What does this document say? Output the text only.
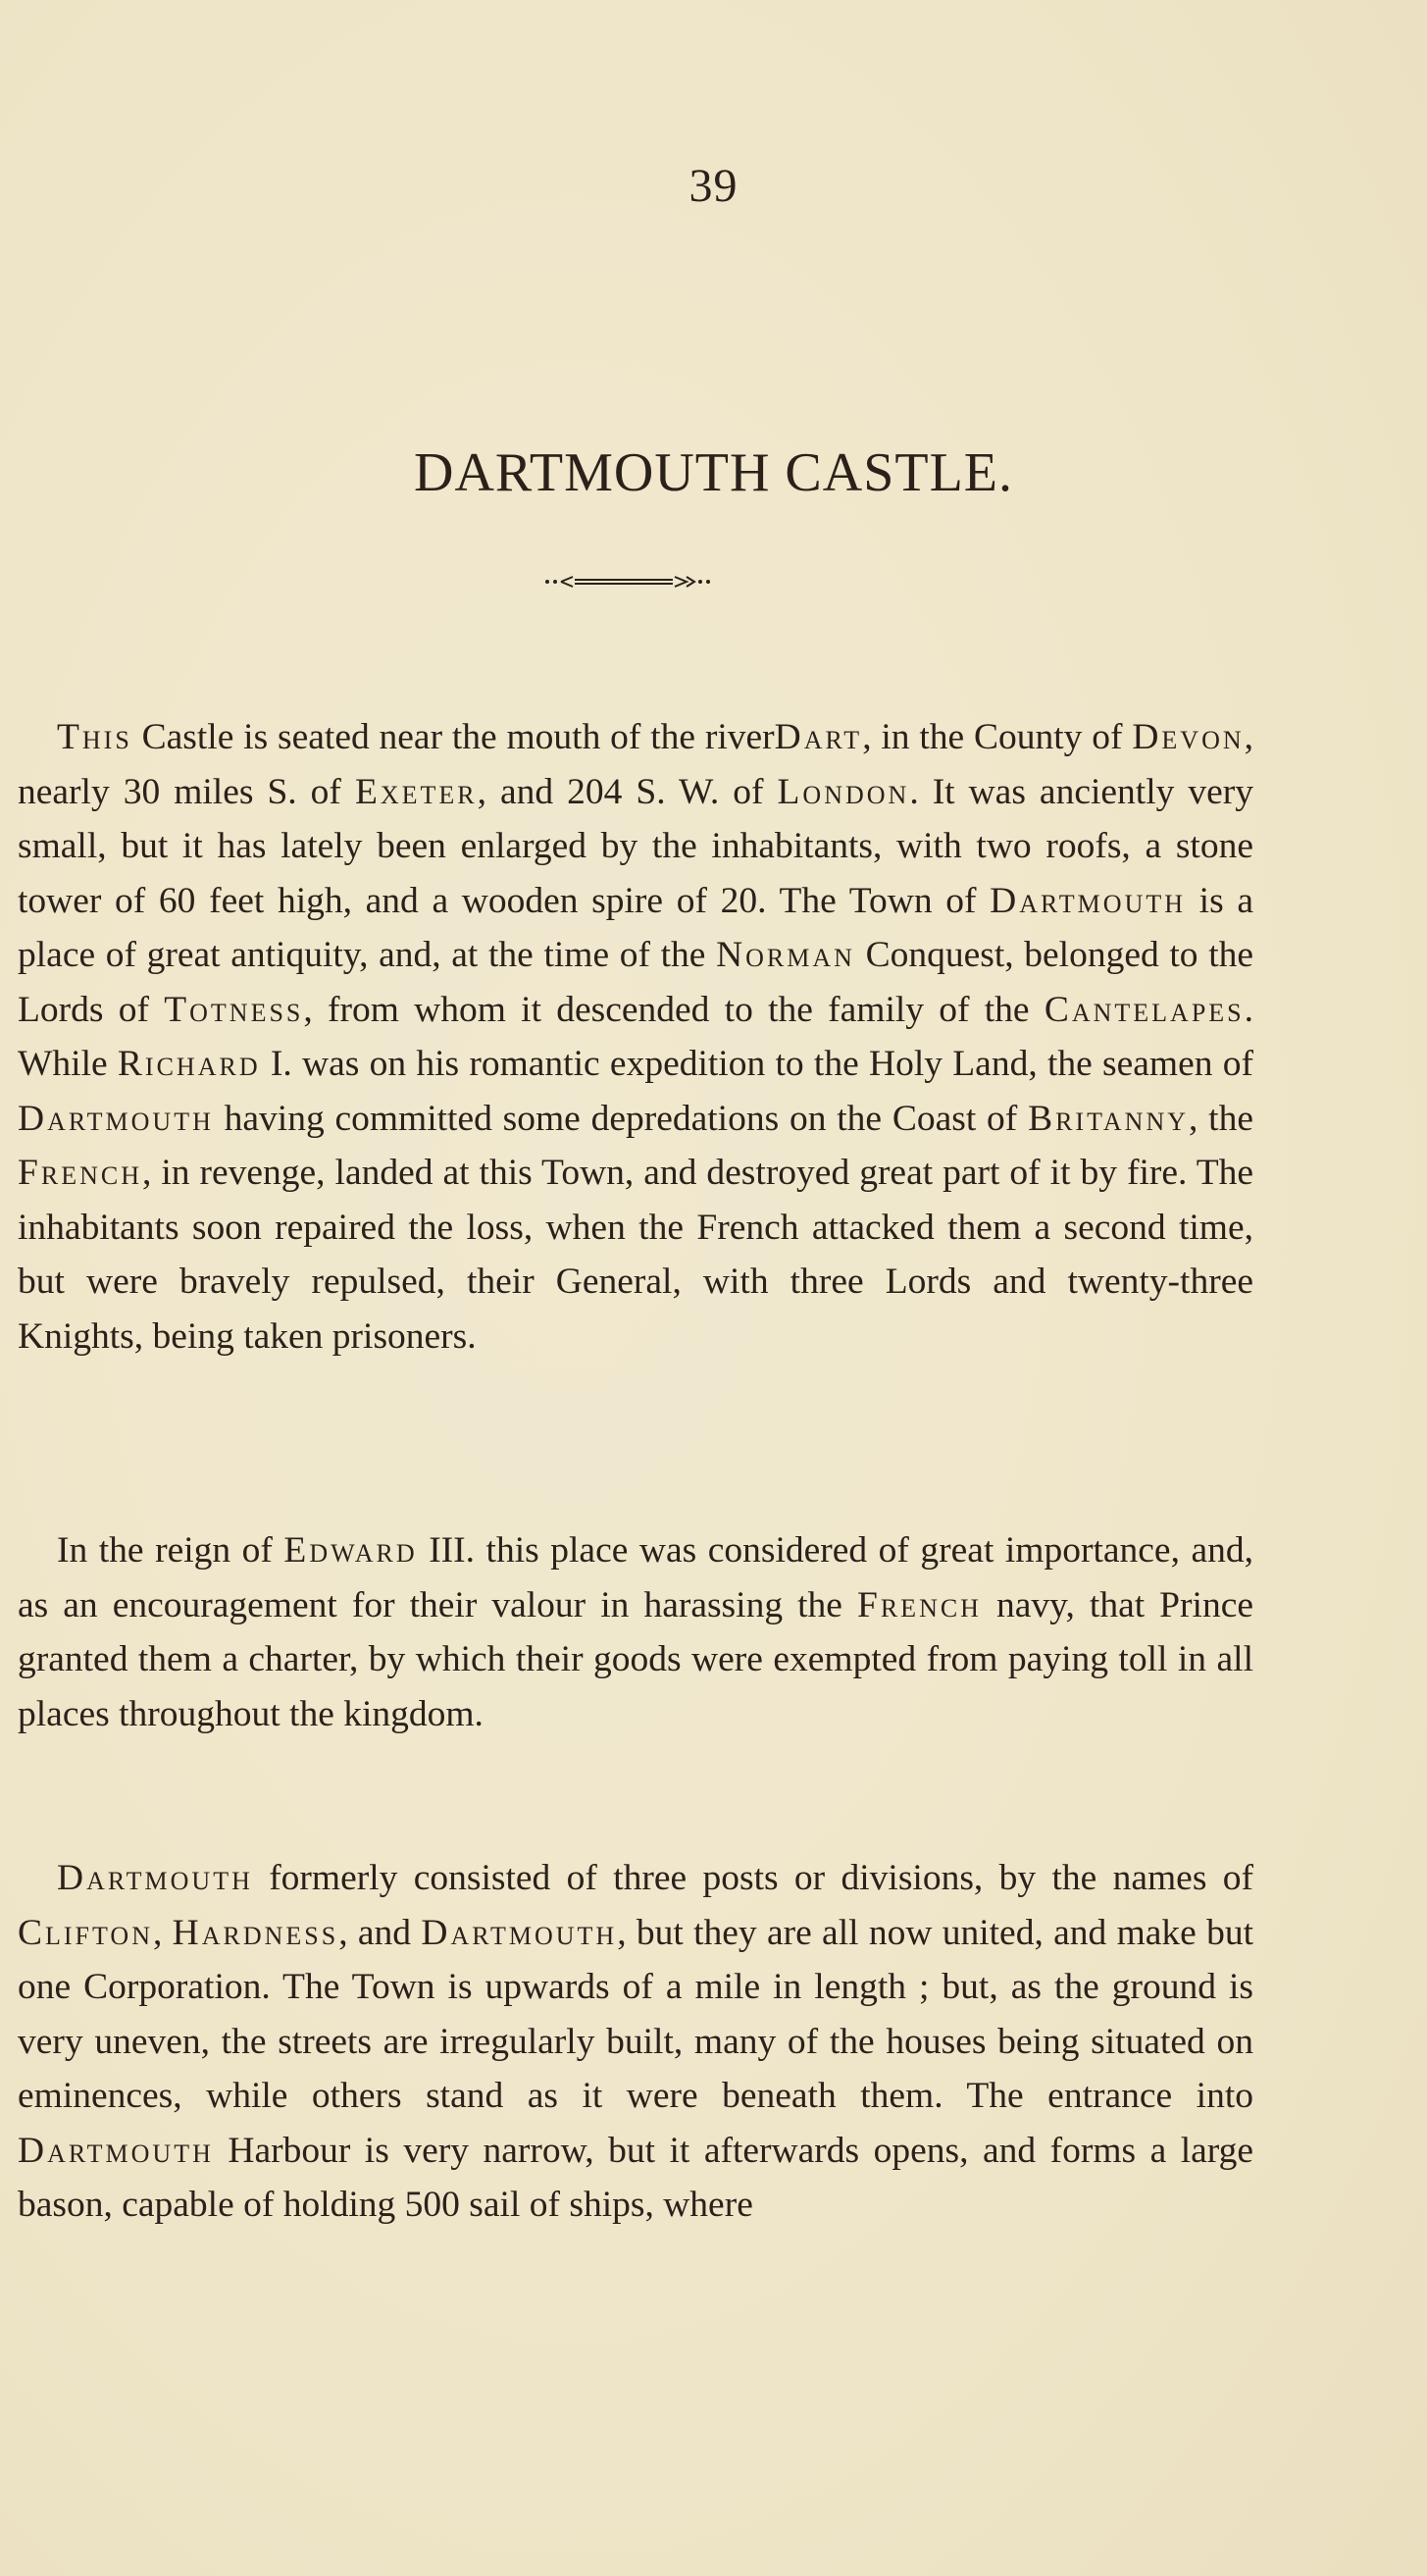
39
DARTMOUTH CASTLE.

This Castle is seated near the mouth of the riverDart, in the County of Devon, nearly 30 miles S. of Exeter, and 204 S. W. of London. It was anciently very small, but it has lately been enlarged by the inhabitants, with two roofs, a stone tower of 60 feet high, and a wooden spire of 20. The Town of Dartmouth is a place of great antiquity, and, at the time of the Norman Conquest, belonged to the Lords of Totness, from whom it descended to the family of the Cantelapes. While Richard I. was on his romantic expedition to the Holy Land, the seamen of Dartmouth having committed some depredations on the Coast of Britanny, the French, in revenge, landed at this Town, and destroyed great part of it by fire. The inhabitants soon repaired the loss, when the French attacked them a second time, but were bravely repulsed, their General, with three Lords and twenty-three Knights, being taken prisoners.

In the reign of Edward III. this place was considered of great importance, and, as an encouragement for their valour in harassing the French navy, that Prince granted them a charter, by which their goods were exempted from paying toll in all places throughout the kingdom.

Dartmouth formerly consisted of three posts or divisions, by the names of Clifton, Hardness, and Dartmouth, but they are all now united, and make but one Corporation. The Town is upwards of a mile in length ; but, as the ground is very uneven, the streets are irregularly built, many of the houses being situated on eminences, while others stand as it were beneath them. The entrance into Dartmouth Harbour is very narrow, but it afterwards opens, and forms a large bason, capable of holding 500 sail of ships, where
